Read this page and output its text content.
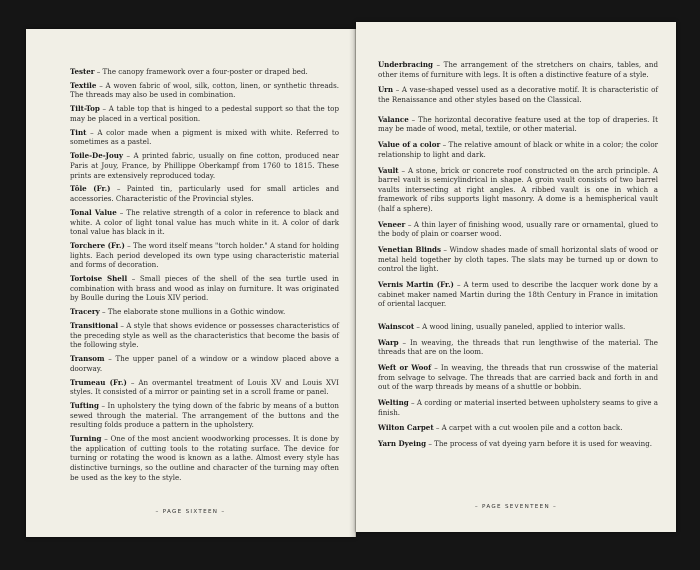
Tester – The canopy framework over a four-poster or draped bed.

Textile – A woven fabric of wool, silk, cotton, linen, or synthetic threads. The threads may also be used in combination.

Tilt-Top – A table top that is hinged to a pedestal support so that the top may be placed in a vertical position.

Tint – A color made when a pigment is mixed with white. Referred to sometimes as a pastel.

Toile-De-Jouy – A printed fabric, usually on fine cotton, produced near Paris at Jouy, France, by Phillippe Oberkampf from 1760 to 1815. These prints are extensively reproduced today.

Tôle (Fr.) – Painted tin, particularly used for small articles and accessories. Characteristic of the Provincial styles.

Tonal Value – The relative strength of a color in reference to black and white. A color of light tonal value has much white in it. A color of dark tonal value has black in it.

Torchere (Fr.) – The word itself means "torch holder." A stand for holding lights. Each period developed its own type using characteristic material and forms of decoration.

Tortoise Shell – Small pieces of the shell of the sea turtle used in combination with brass and wood as inlay on furniture. It was originated by Boulle during the Louis XIV period.

Tracery – The elaborate stone mullions in a Gothic window.

Transitional – A style that shows evidence or possesses characteristics of the preceding style as well as the characteristics that become the basis of the following style.

Transom – The upper panel of a window or a window placed above a doorway.

Trumeau (Fr.) – An overmantel treatment of Louis XV and Louis XVI styles. It consisted of a mirror or painting set in a scroll frame or panel.

Tufting – In upholstery the tying down of the fabric by means of a button sewed through the material. The arrangement of the buttons and the resulting folds produce a pattern in the upholstery.

Turning – One of the most ancient woodworking processes. It is done by the application of cutting tools to the rotating surface. The device for turning or rotating the wood is known as a lathe. Almost every style has distinctive turnings, so the outline and character of the turning may often be used as the key to the style.

– PAGE SIXTEEN –

Underbracing – The arrangement of the stretchers on chairs, tables, and other items of furniture with legs. It is often a distinctive feature of a style.

Urn – A vase-shaped vessel used as a decorative motif. It is characteristic of the Renaissance and other styles based on the Classical.

Valance – The horizontal decorative feature used at the top of draperies. It may be made of wood, metal, textile, or other material.

Value of a color – The relative amount of black or white in a color; the color relationship to light and dark.

Vault – A stone, brick or concrete roof constructed on the arch principle. A barrel vault is semicylindrical in shape. A groin vault consists of two barrel vaults intersecting at right angles. A ribbed vault is one in which a framework of ribs supports light masonry. A dome is a hemispherical vault (half a sphere).

Veneer – A thin layer of finishing wood, usually rare or ornamental, glued to the body of plain or coarser wood.

Venetian Blinds – Window shades made of small horizontal slats of wood or metal held together by cloth tapes. The slats may be turned up or down to control the light.

Vernis Martin (Fr.) – A term used to describe the lacquer work done by a cabinet maker named Martin during the 18th Century in France in imitation of oriental lacquer.

Wainscot – A wood lining, usually paneled, applied to interior walls.

Warp – In weaving, the threads that run lengthwise of the material. The threads that are on the loom.

Weft or Woof – In weaving, the threads that run crosswise of the material from selvage to selvage. The threads that are carried back and forth in and out of the warp threads by means of a shuttle or bobbin.

Welting – A cording or material inserted between upholstery seams to give a finish.

Wilton Carpet – A carpet with a cut woolen pile and a cotton back.

Yarn Dyeing – The process of vat dyeing yarn before it is used for weaving.

– PAGE SEVENTEEN –
